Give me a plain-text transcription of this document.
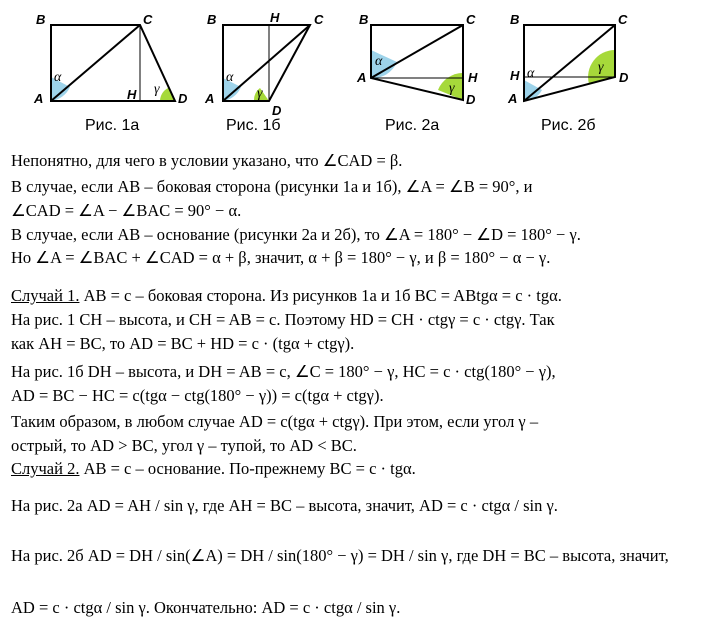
B	C
A	D
H
α
γ
B	H	C
A
D
α
γ
B	C
A	H
D
α
γ
B	C
H
A
D
α	γ
Рис. 1а	Рис. 1б	Рис. 2а	Рис. 2б
Непонятно, для чего в условии указано, что ∠CAD = β.
В случае, если AB – боковая сторона (рисунки 1а и 1б), ∠A = ∠B = 90°, и
∠CAD = ∠A − ∠BAC = 90° − α.
В случае, если AB – основание (рисунки 2а и 2б), то ∠A = 180° − ∠D = 180° − γ.
Но ∠A = ∠BAC + ∠CAD = α + β, значит, α + β = 180° − γ, и β = 180° − α − γ.
Случай 1. AB = c – боковая сторона. Из рисунков 1а и 1б BC = ABtgα = c · tgα.
На рис. 1 CH – высота, и CH = AB = c. Поэтому HD = CH · ctgγ = c · ctgγ. Так
как AH = BC, то AD = BC + HD = c · (tgα + ctgγ).
На рис. 1б DH – высота, и DH = AB = c, ∠C = 180° − γ, HC = c · ctg(180° − γ),
AD = BC − HC = c(tgα − ctg(180° − γ)) = c(tgα + ctgγ).
Таким образом, в любом случае AD = c(tgα + ctgγ). При этом, если угол γ –
острый, то AD > BC, угол γ – тупой, то AD < BC.
Случай 2. AB = c – основание. По-прежнему BC = c · tgα.
На рис. 2а AD = AH / sin γ, где AH = BC – высота, значит, AD = c · ctgα / sin γ.
На рис. 2б AD = DH / sin(∠A) = DH / sin(180° − γ) = DH / sin γ, где DH = BC – высота, значит,
AD = c · ctgα / sin γ. Окончательно: AD = c · ctgα / sin γ.
